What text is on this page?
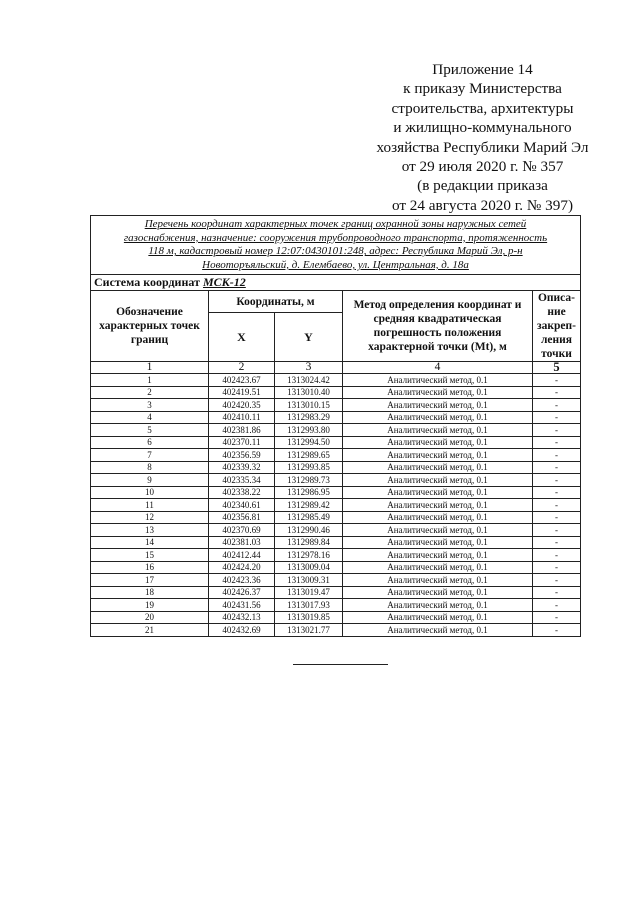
Приложение 14
к приказу Министерства
строительства, архитектуры
и жилищно-коммунального
хозяйства Республики Марий Эл
от 29 июля 2020 г. № 357
(в редакции приказа
от 24 августа 2020 г. № 397)
Перечень координат характерных точек границ охранной зоны наружных сетей
газоснабжения, назначение: сооружения трубопроводного транспорта, протяженность
118 м, кадастровый номер 12:07:0430101:248, адрес: Республика Марий Эл, р-н
Новоторъяльский, д. Елембаево, ул. Центральная, д. 18а				

Система координат МСК-12				
Обозначение характерных точек границ	Координаты, м		Метод определения координат и средняя квадратическая погрешность положения характерной точки (Mt), м	Описа-ние закреп-ления точки
	X	Y		
1	2	3	4	5
1	402423.67	1313024.42	Аналитический метод, 0.1	-
2	402419.51	1313010.40	Аналитический метод, 0.1	-
3	402420.35	1313010.15	Аналитический метод, 0.1	-
4	402410.11	1312983.29	Аналитический метод, 0.1	-
5	402381.86	1312993.80	Аналитический метод, 0.1	-
6	402370.11	1312994.50	Аналитический метод, 0.1	-
7	402356.59	1312989.65	Аналитический метод, 0.1	-
8	402339.32	1312993.85	Аналитический метод, 0.1	-
9	402335.34	1312989.73	Аналитический метод, 0.1	-
10	402338.22	1312986.95	Аналитический метод, 0.1	-
11	402340.61	1312989.42	Аналитический метод, 0.1	-
12	402356.81	1312985.49	Аналитический метод, 0.1	-
13	402370.69	1312990.46	Аналитический метод, 0.1	-
14	402381.03	1312989.84	Аналитический метод, 0.1	-
15	402412.44	1312978.16	Аналитический метод, 0.1	-
16	402424.20	1313009.04	Аналитический метод, 0.1	-
17	402423.36	1313009.31	Аналитический метод, 0.1	-
18	402426.37	1313019.47	Аналитический метод, 0.1	-
19	402431.56	1313017.93	Аналитический метод, 0.1	-
20	402432.13	1313019.85	Аналитический метод, 0.1	-
21	402432.69	1313021.77	Аналитический метод, 0.1	-
